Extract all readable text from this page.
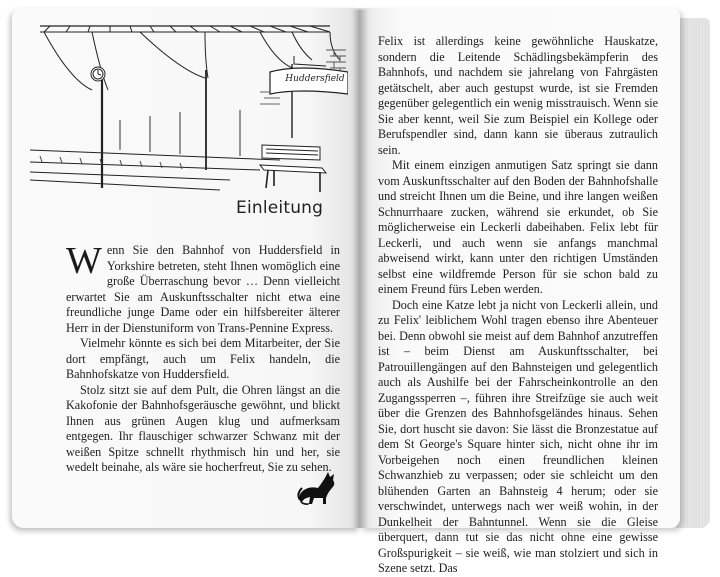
Huddersfield
Einleitung

Wenn Sie den Bahnhof von Huddersfield in Yorkshire betreten, steht Ihnen womöglich eine große Überraschung bevor … Denn vielleicht erwartet Sie am Auskunftsschalter nicht etwa eine freundliche junge Dame oder ein hilfsbereiter älterer Herr in der Dienstuniform von Trans-Pennine Express.

Vielmehr könnte es sich bei dem Mitarbeiter, der Sie dort empfängt, auch um Felix handeln, die Bahnhofskatze von Huddersfield.

Stolz sitzt sie auf dem Pult, die Ohren längst an die Kakofonie der Bahnhofsgeräusche gewöhnt, und blickt Ihnen aus grünen Augen klug und aufmerksam entgegen. Ihr flauschiger schwarzer Schwanz mit der weißen Spitze schnellt rhythmisch hin und her, sie wedelt beinahe, als wäre sie hocherfreut, Sie zu sehen.

Felix ist allerdings keine gewöhnliche Hauskatze, sondern die Leitende Schädlingsbekämpferin des Bahnhofs, und nachdem sie jahrelang von Fahrgästen getätschelt, aber auch gestupst wurde, ist sie Fremden gegenüber gelegentlich ein wenig misstrauisch. Wenn sie Sie aber kennt, weil Sie zum Beispiel ein Kollege oder Berufspendler sind, dann kann sie überaus zutraulich sein.

Mit einem einzigen anmutigen Satz springt sie dann vom Auskunftsschalter auf den Boden der Bahnhofshalle und streicht Ihnen um die Beine, und ihre langen weißen Schnurrhaare zucken, während sie erkundet, ob Sie möglicherweise ein Leckerli dabeihaben. Felix lebt für Leckerli, und auch wenn sie anfangs manchmal abweisend wirkt, kann unter den richtigen Umständen selbst eine wildfremde Person für sie schon bald zu einem Freund fürs Leben werden.

Doch eine Katze lebt ja nicht von Leckerli allein, und zu Felix' leiblichem Wohl tragen ebenso ihre Abenteuer bei. Denn obwohl sie meist auf dem Bahnhof anzutreffen ist – beim Dienst am Auskunftsschalter, bei Patrouillengängen auf den Bahnsteigen und gelegentlich auch als Aushilfe bei der Fahrscheinkontrolle an den Zugangssperren –, führen ihre Streifzüge sie auch weit über die Grenzen des Bahnhofsgeländes hinaus. Sehen Sie, dort huscht sie davon: Sie lässt die Bronzestatue auf dem St George's Square hinter sich, nicht ohne ihr im Vorbeigehen noch einen freundlichen kleinen Schwanzhieb zu verpassen; oder sie schleicht um den blühenden Garten an Bahnsteig 4 herum; oder sie verschwindet, unterwegs nach wer weiß wohin, in der Dunkelheit der Bahntunnel. Wenn sie die Gleise überquert, dann tut sie das nicht ohne eine gewisse Großspurigkeit – sie weiß, wie man stolziert und sich in Szene setzt. Das
